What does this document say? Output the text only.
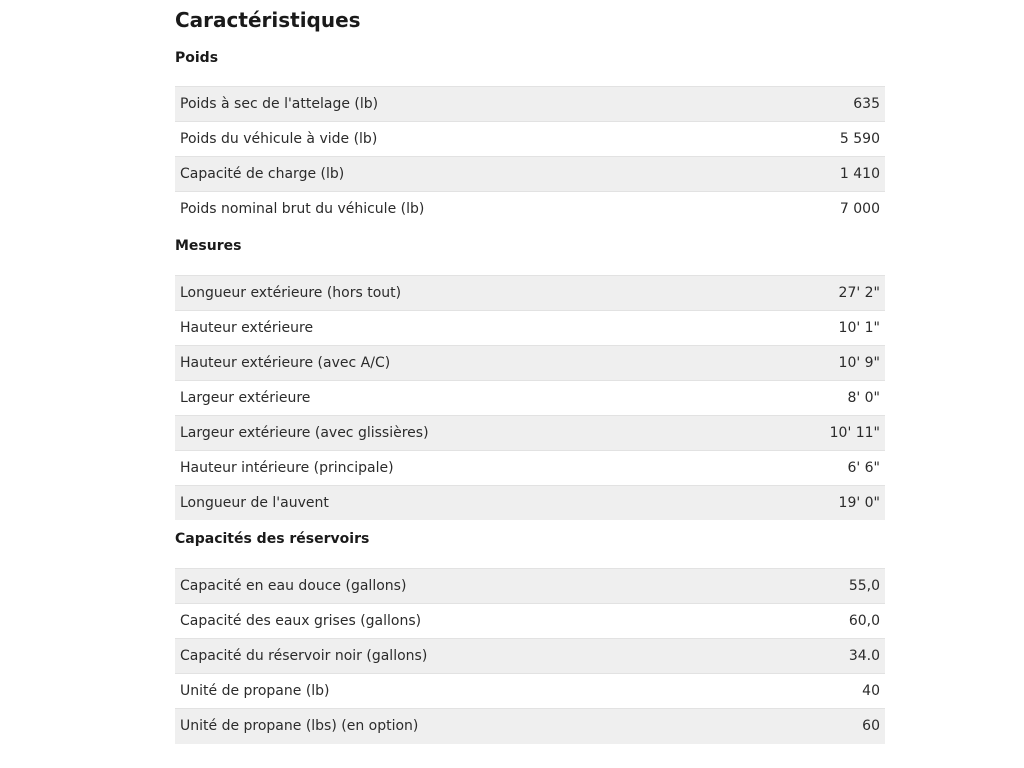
Caractéristiques
Poids
Poids à sec de l'attelage (lb)	635
Poids du véhicule à vide (lb)	5 590
Capacité de charge (lb)	1 410
Poids nominal brut du véhicule (lb)	7 000
Mesures
Longueur extérieure (hors tout)	27' 2"
Hauteur extérieure	10' 1"
Hauteur extérieure (avec A/C)	10' 9"
Largeur extérieure	8' 0"
Largeur extérieure (avec glissières)	10' 11"
Hauteur intérieure (principale)	6' 6"
Longueur de l'auvent	19' 0"
Capacités des réservoirs
Capacité en eau douce (gallons)	55,0
Capacité des eaux grises (gallons)	60,0
Capacité du réservoir noir (gallons)	34.0
Unité de propane (lb)	40
Unité de propane (lbs) (en option)	60
